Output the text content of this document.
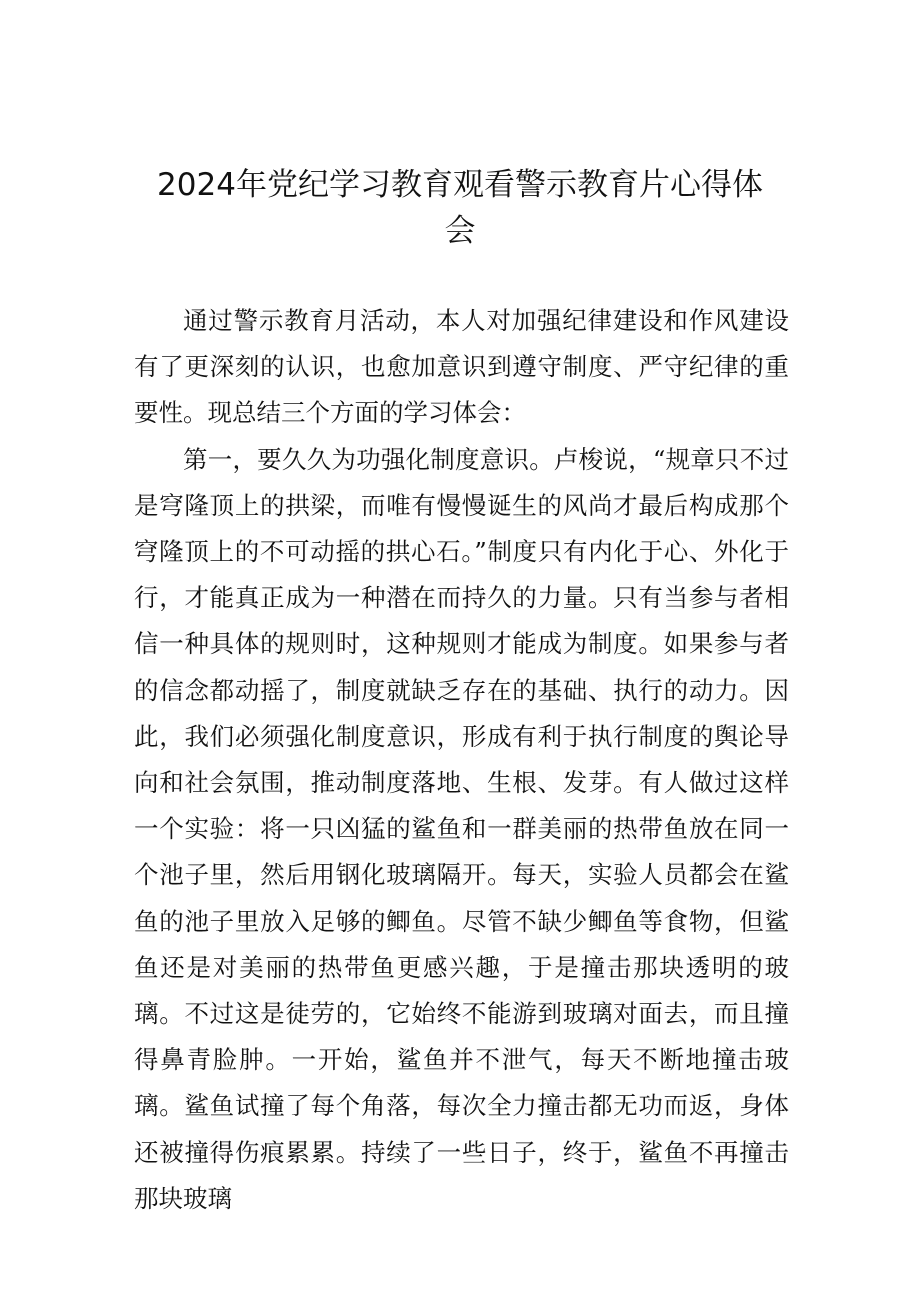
2024年党纪学习教育观看警示教育片心得体会

通过警示教育月活动，本人对加强纪律建设和作风建设有了更深刻的认识，也愈加意识到遵守制度、严守纪律的重要性。现总结三个方面的学习体会：

第一，要久久为功强化制度意识。卢梭说，“规章只不过是穹隆顶上的拱梁，而唯有慢慢诞生的风尚才最后构成那个穹隆顶上的不可动摇的拱心石。”制度只有内化于心、外化于行，才能真正成为一种潜在而持久的力量。只有当参与者相信一种具体的规则时，这种规则才能成为制度。如果参与者的信念都动摇了，制度就缺乏存在的基础、执行的动力。因此，我们必须强化制度意识，形成有利于执行制度的舆论导向和社会氛围，推动制度落地、生根、发芽。有人做过这样一个实验：将一只凶猛的鲨鱼和一群美丽的热带鱼放在同一个池子里，然后用钢化玻璃隔开。每天，实验人员都会在鲨鱼的池子里放入足够的鲫鱼。尽管不缺少鲫鱼等食物，但鲨鱼还是对美丽的热带鱼更感兴趣，于是撞击那块透明的玻璃。不过这是徒劳的，它始终不能游到玻璃对面去，而且撞得鼻青脸肿。一开始，鲨鱼并不泄气，每天不断地撞击玻璃。鲨鱼试撞了每个角落，每次全力撞击都无功而返，身体还被撞得伤痕累累。持续了一些日子，终于，鲨鱼不再撞击那块玻璃
